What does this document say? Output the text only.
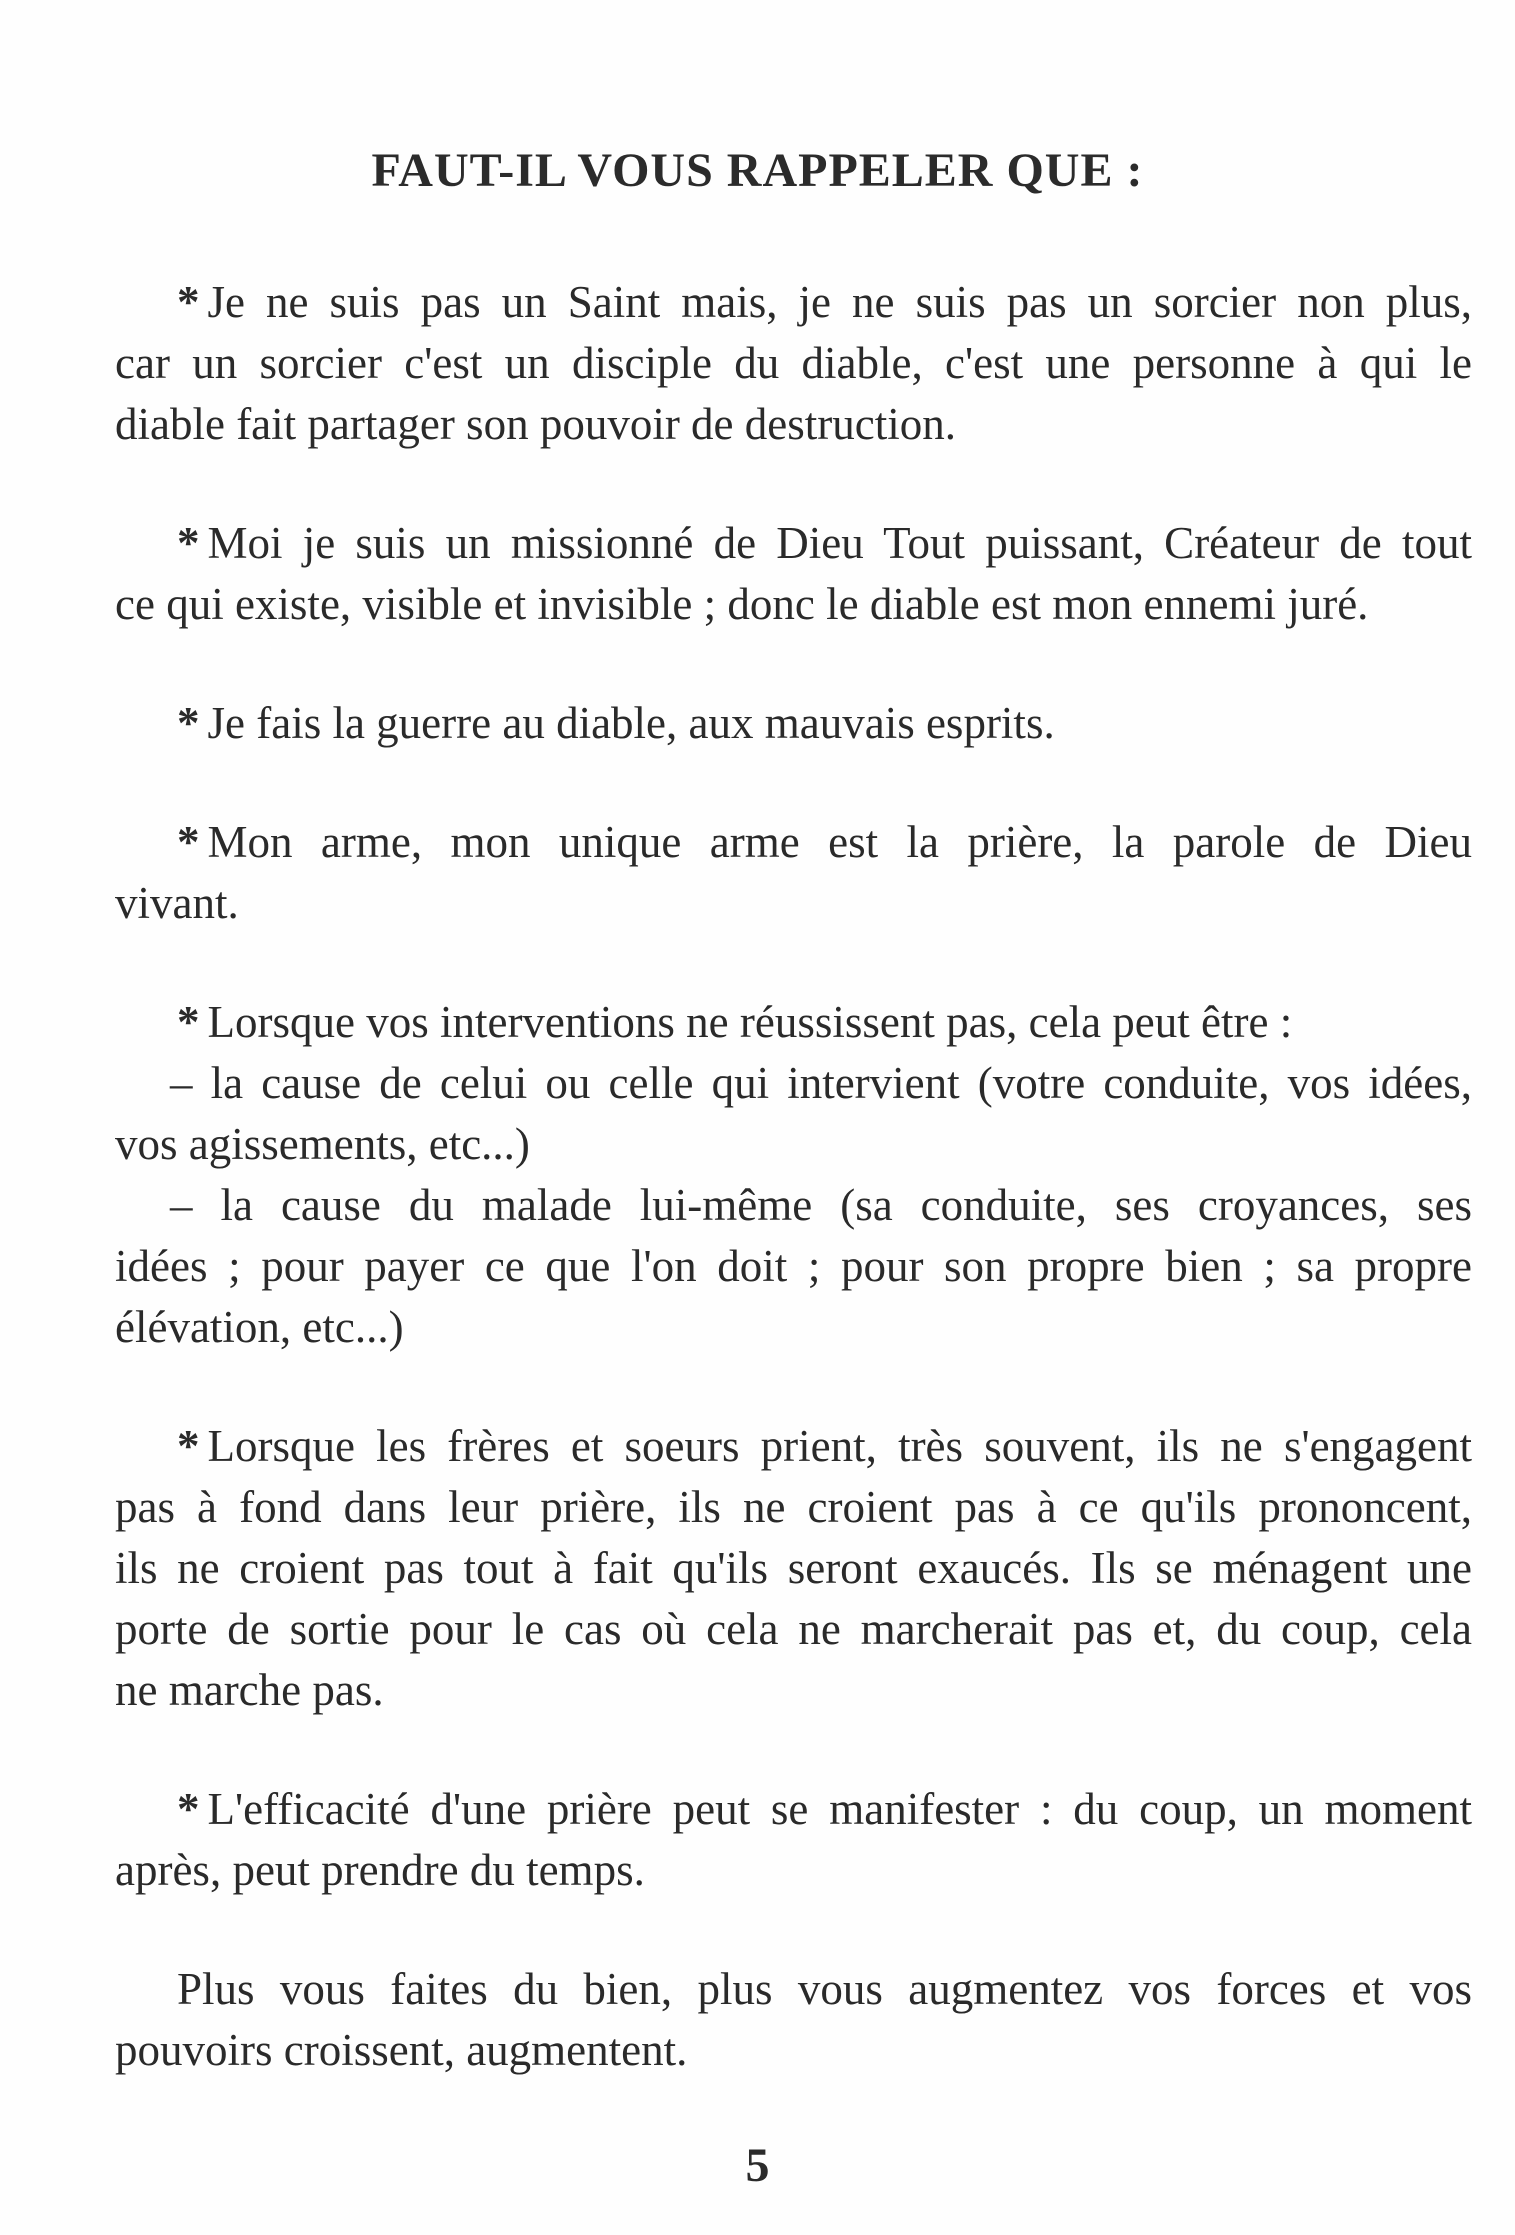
FAUT-IL VOUS RAPPELER QUE :

* Je ne suis pas un Saint mais, je ne suis pas un sorcier non plus,
car un sorcier c'est un disciple du diable, c'est une personne à qui le
diable fait partager son pouvoir de destruction.

* Moi je suis un missionné de Dieu Tout puissant, Créateur de tout
ce qui existe, visible et invisible ; donc le diable est mon ennemi juré.

* Je fais la guerre au diable, aux mauvais esprits.

* Mon arme, mon unique arme est la prière, la parole de Dieu
vivant.

* Lorsque vos interventions ne réussissent pas, cela peut être :
– la cause de celui ou celle qui intervient (votre conduite, vos idées,
vos agissements, etc...)
– la cause du malade lui-même (sa conduite, ses croyances, ses
idées ; pour payer ce que l'on doit ; pour son propre bien ; sa propre
élévation, etc...)

* Lorsque les frères et soeurs prient, très souvent, ils ne s'engagent
pas à fond dans leur prière, ils ne croient pas à ce qu'ils prononcent,
ils ne croient pas tout à fait qu'ils seront exaucés. Ils se ménagent une
porte de sortie pour le cas où cela ne marcherait pas et, du coup, cela
ne marche pas.

* L'efficacité d'une prière peut se manifester : du coup, un moment
après, peut prendre du temps.

Plus vous faites du bien, plus vous augmentez vos forces et vos
pouvoirs croissent, augmentent.

5
